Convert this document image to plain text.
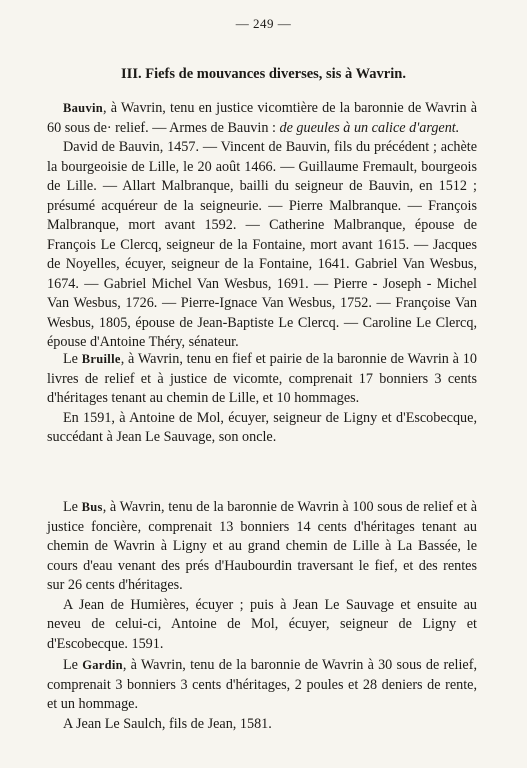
— 249 —
III. Fiefs de mouvances diverses, sis à Wavrin.

Bauvin, à Wavrin, tenu en justice vicomtière de la baronnie de Wavrin à 60 sous de· relief. — Armes de Bauvin : de gueules à un calice d'argent.

David de Bauvin, 1457. — Vincent de Bauvin, fils du précédent ; achète la bourgeoisie de Lille, le 20 août 1466. — Guillaume Fremault, bourgeois de Lille. — Allart Malbranque, bailli du seigneur de Bauvin, en 1512 ; présumé acquéreur de la seigneurie. — Pierre Malbranque. — François Malbranque, mort avant 1592. — Catherine Malbranque, épouse de François Le Clercq, seigneur de la Fontaine, mort avant 1615. — Jacques de Noyelles, écuyer, seigneur de la Fontaine, 1641. Gabriel Van Wesbus, 1674. — Gabriel Michel Van Wesbus, 1691. — Pierre - Joseph - Michel Van Wesbus, 1726. — Pierre-Ignace Van Wesbus, 1752. — Françoise Van Wesbus, 1805, épouse de Jean-Baptiste Le Clercq. — Caroline Le Clercq, épouse d'Antoine Théry, sénateur.

Le Bruille, à Wavrin, tenu en fief et pairie de la baronnie de Wavrin à 10 livres de relief et à justice de vicomte, comprenait 17 bonniers 3 cents d'héritages tenant au chemin de Lille, et 10 hommages.

En 1591, à Antoine de Mol, écuyer, seigneur de Ligny et d'Escobecque, succédant à Jean Le Sauvage, son oncle.

Le Bus, à Wavrin, tenu de la baronnie de Wavrin à 100 sous de relief et à justice foncière, comprenait 13 bonniers 14 cents d'héritages tenant au chemin de Wavrin à Ligny et au grand chemin de Lille à La Bassée, le cours d'eau venant des prés d'Haubourdin traversant le fief, et des rentes sur 26 cents d'héritages.

A Jean de Humières, écuyer ; puis à Jean Le Sauvage et ensuite au neveu de celui-ci, Antoine de Mol, écuyer, seigneur de Ligny et d'Escobecque. 1591.

Le Gardin, à Wavrin, tenu de la baronnie de Wavrin à 30 sous de relief, comprenait 3 bonniers 3 cents d'héritages, 2 poules et 28 deniers de rente, et un hommage.

A Jean Le Saulch, fils de Jean, 1581.
